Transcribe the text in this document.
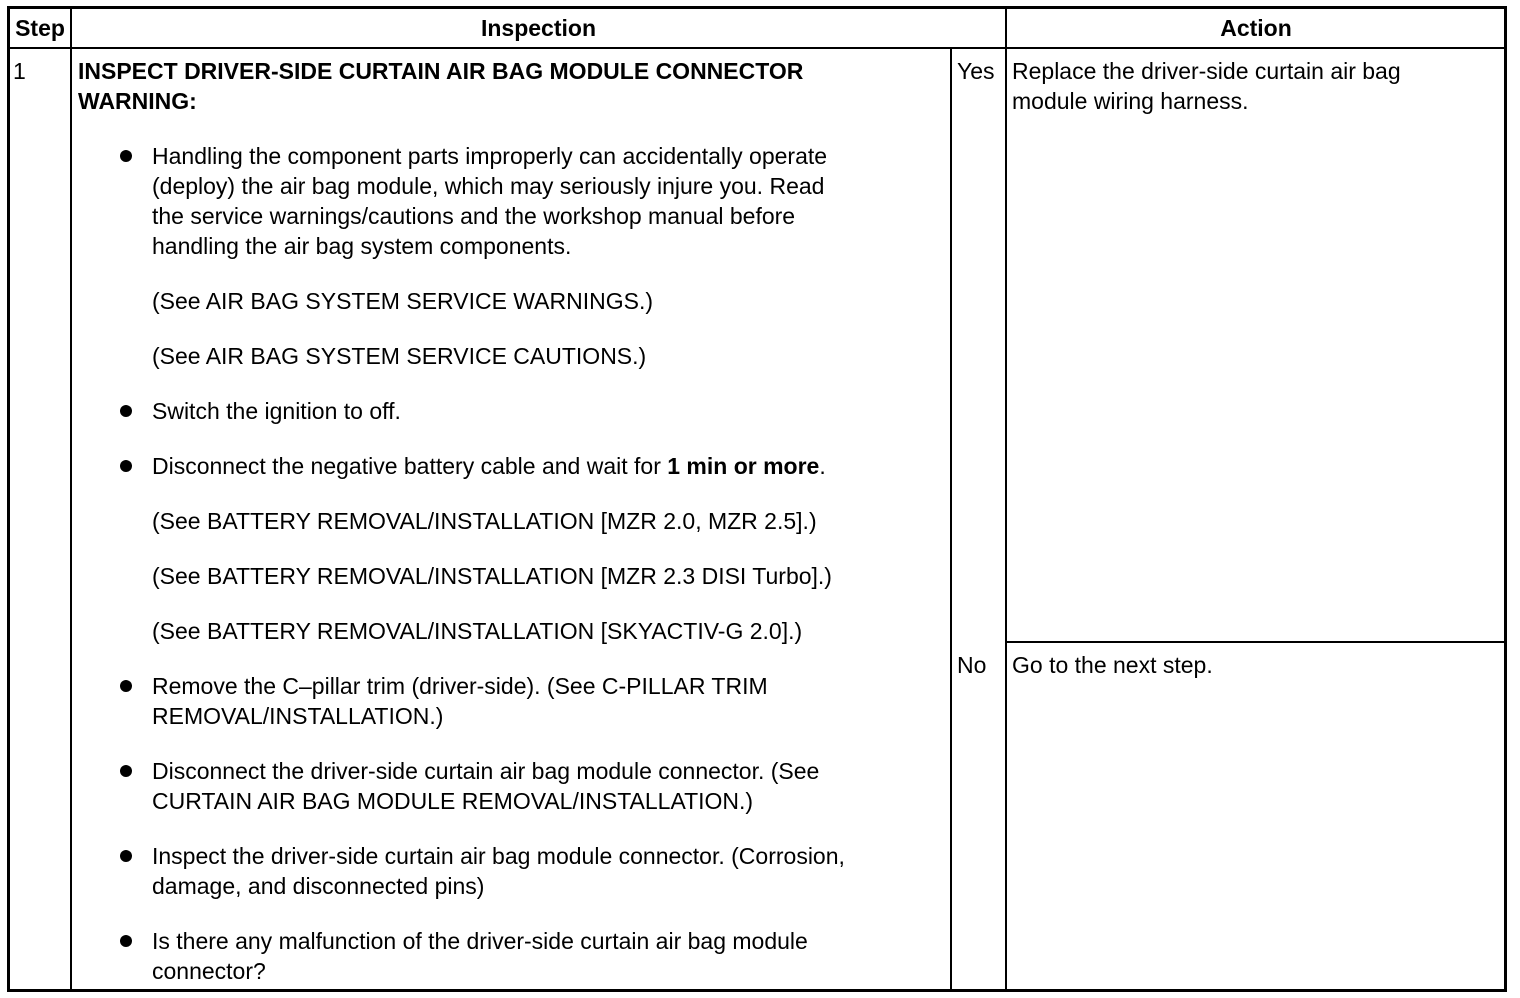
Step	Inspection	Action
1 INSPECT DRIVER-SIDE CURTAIN AIR BAG MODULE CONNECTOR
WARNING:
Handling the component parts improperly can accidentally operate
(deploy) the air bag module, which may seriously injure you. Read
the service warnings/cautions and the workshop manual before
handling the air bag system components.
(See AIR BAG SYSTEM SERVICE WARNINGS.)
(See AIR BAG SYSTEM SERVICE CAUTIONS.)
Switch the ignition to off.
Disconnect the negative battery cable and wait for 1 min or more.
(See BATTERY REMOVAL/INSTALLATION [MZR 2.0, MZR 2.5].)
(See BATTERY REMOVAL/INSTALLATION [MZR 2.3 DISI Turbo].)
(See BATTERY REMOVAL/INSTALLATION [SKYACTIV-G 2.0].)
Remove the C–pillar trim (driver-side). (See C-PILLAR TRIM
REMOVAL/INSTALLATION.)
Disconnect the driver-side curtain air bag module connector. (See
CURTAIN AIR BAG MODULE REMOVAL/INSTALLATION.)
Inspect the driver-side curtain air bag module connector. (Corrosion,
damage, and disconnected pins)
Is there any malfunction of the driver-side curtain air bag module
connector?
Yes Replace the driver-side curtain air bag
module wiring harness.
No Go to the next step.
